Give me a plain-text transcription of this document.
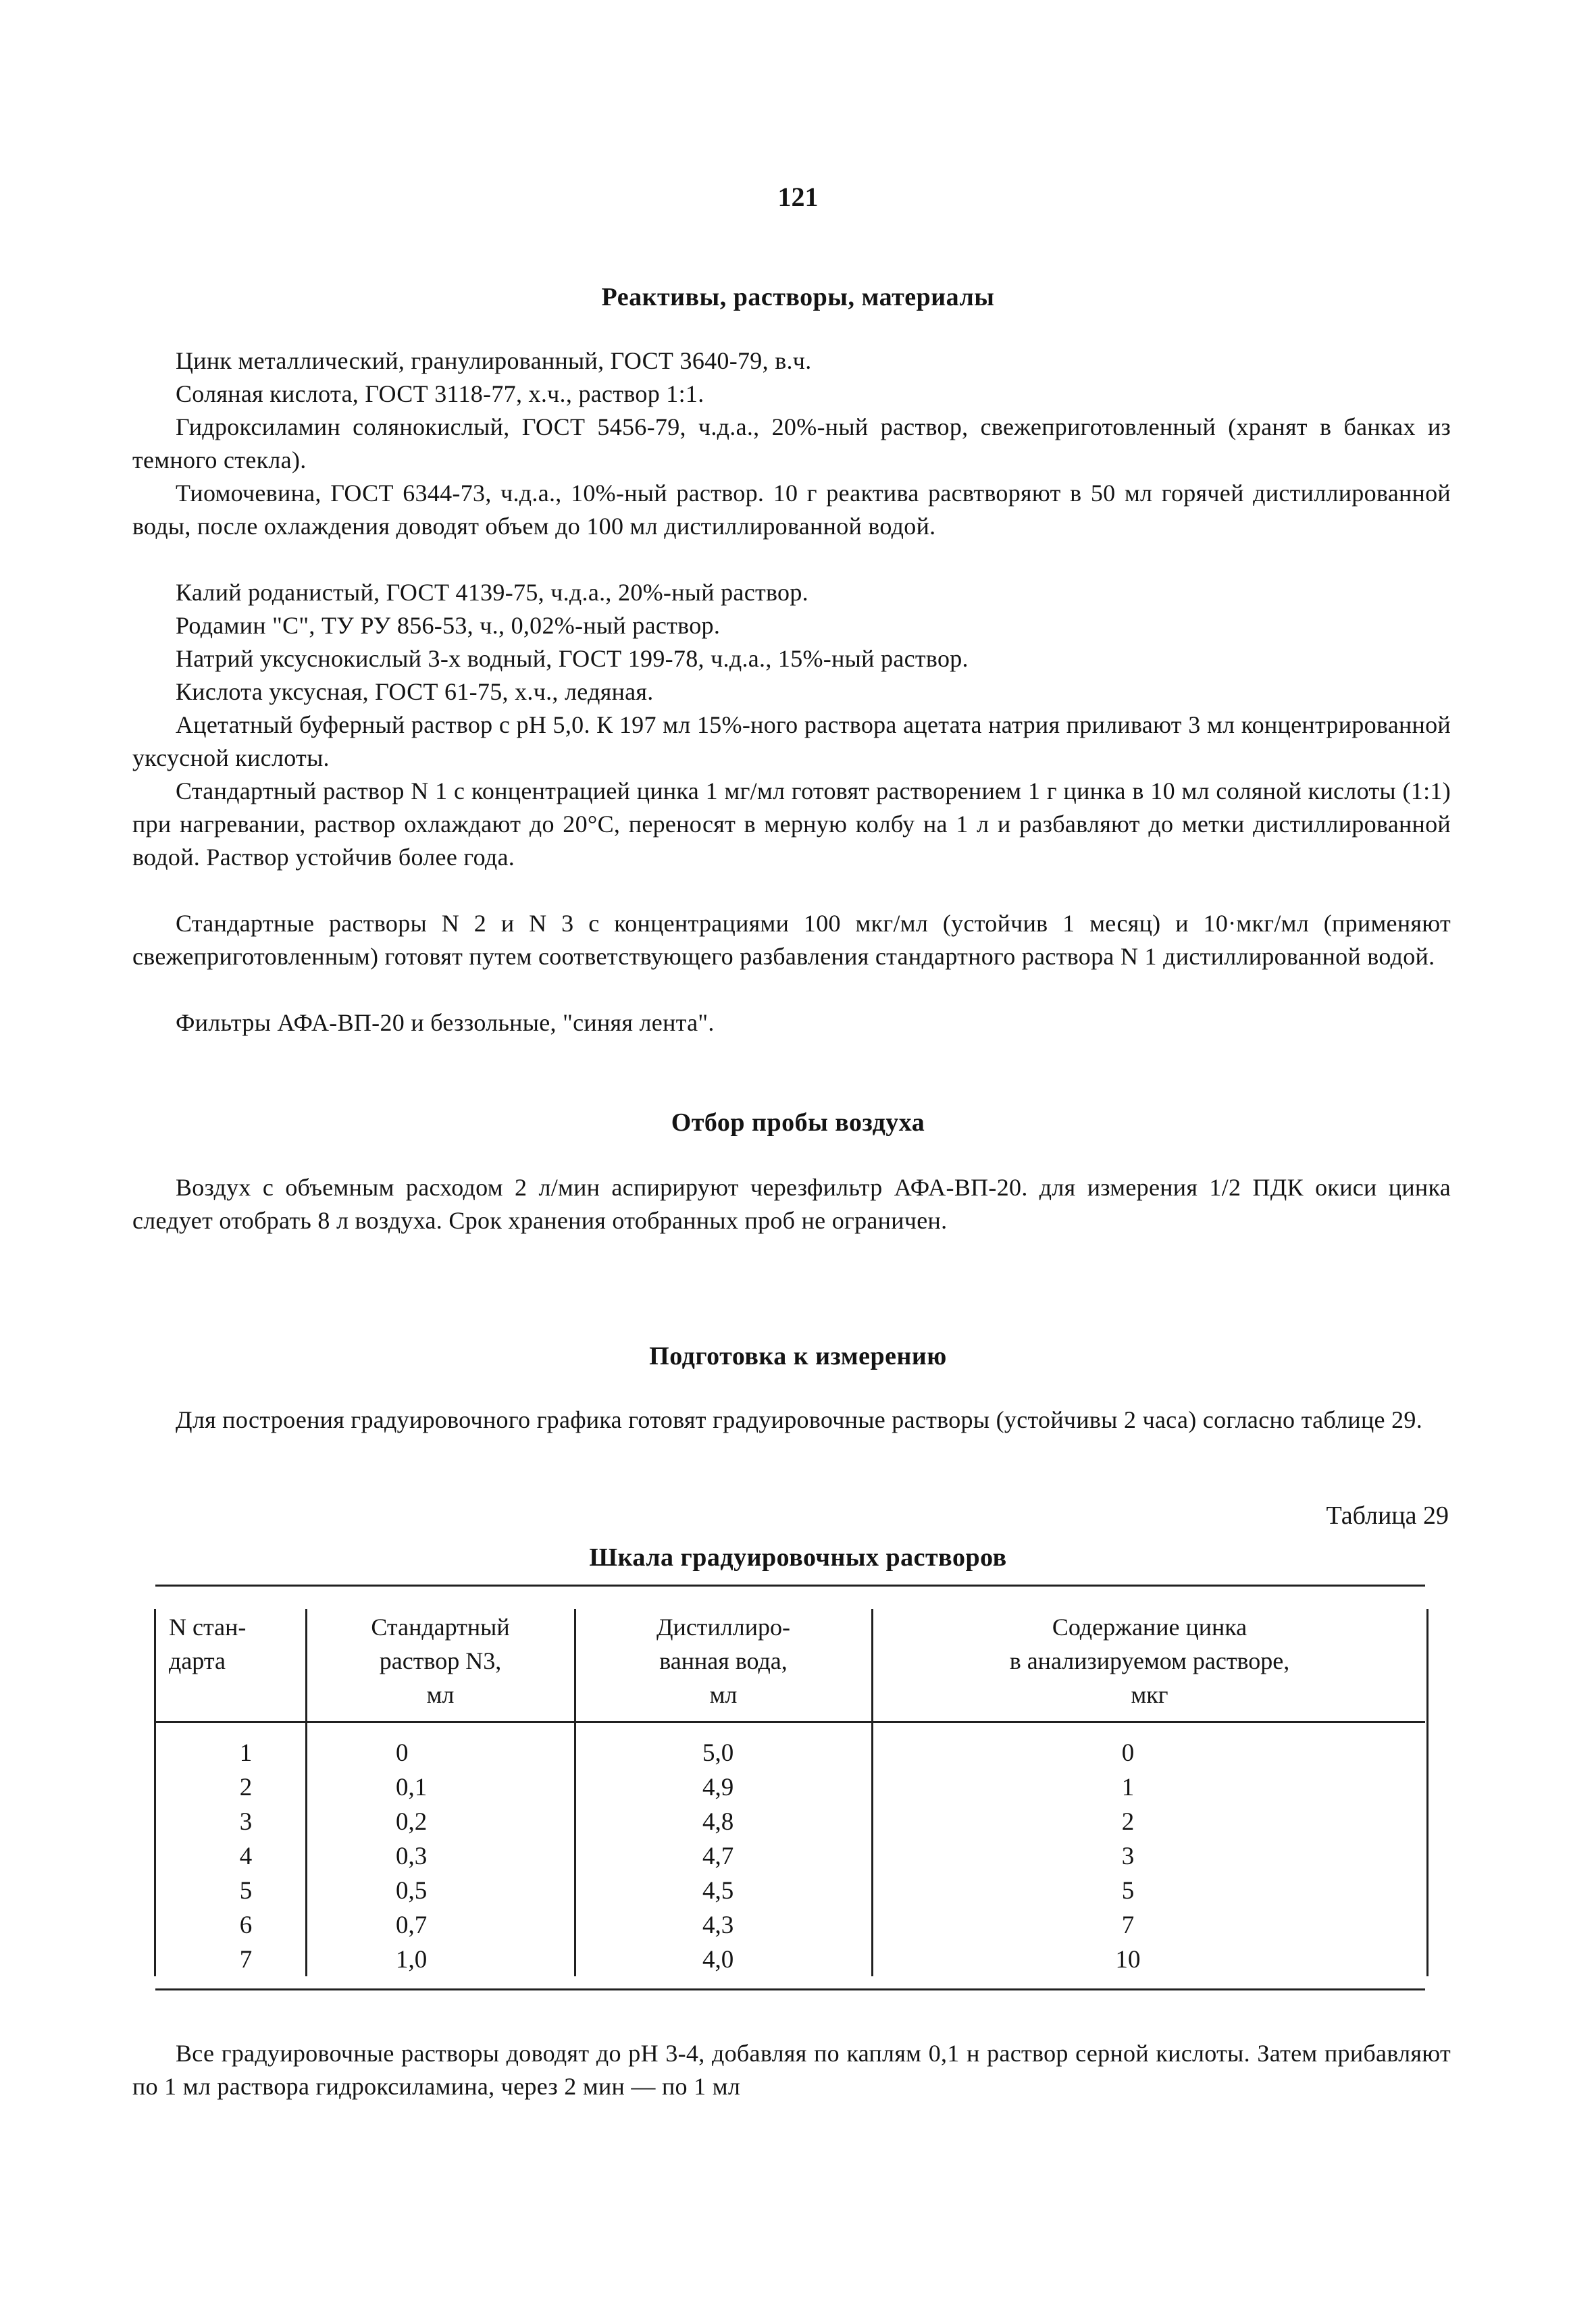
121
Реактивы, растворы, материалы
Цинк металлический, гранулированный, ГОСТ 3640-79, в.ч.
Соляная кислота, ГОСТ 3118-77, х.ч., раствор 1:1.
Гидроксиламин солянокислый, ГОСТ 5456-79, ч.д.а., 20%-ный раствор, свежеприготовленный (хранят в банках из темного стекла).
Тиомочевина, ГОСТ 6344-73, ч.д.а., 10%-ный раствор. 10 г реактива расвтворяют в 50 мл горячей дистиллированной воды, после охлаждения доводят объем до 100 мл дистиллированной водой.
Калий роданистый, ГОСТ 4139-75, ч.д.а., 20%-ный раствор.
Родамин "С", ТУ РУ 856-53, ч., 0,02%-ный раствор.
Натрий уксуснокислый 3-х водный, ГОСТ 199-78, ч.д.а., 15%-ный раствор.
Кислота уксусная, ГОСТ 61-75, х.ч., ледяная.
Ацетатный буферный раствор с рН 5,0. К 197 мл 15%-ного раствора ацетата натрия приливают 3 мл концентрированной уксусной кислоты.
Стандартный раствор N 1 с концентрацией цинка 1 мг/мл готовят растворением 1 г цинка в 10 мл соляной кислоты (1:1) при нагревании, раствор охлаждают до 20°С, переносят в мерную колбу на 1 л и разбавляют до метки дистиллированной водой. Раствор устойчив более года.
Стандартные растворы N 2 и N 3 с концентрациями 100 мкг/мл (устойчив 1 месяц) и 10·мкг/мл (применяют свежеприготовленным) готовят путем соответствующего разбавления стандартного раствора N 1 дистиллированной водой.
Фильтры АФА-ВП-20 и беззольные, "синяя лента".
Отбор пробы воздуха
Воздух с объемным расходом 2 л/мин аспирируют черезфильтр АФА-ВП-20. для измерения 1/2 ПДК окиси цинка следует отобрать 8 л воздуха. Срок хранения отобранных проб не ограничен.
Подготовка к измерению
Для построения градуировочного графика готовят градуировочные растворы (устойчивы 2 часа) согласно таблице 29.
Таблица 29
Шкала градуировочных растворов
N стан-
дарта
Стандартный
раствор N3,
мл
Дистиллиро-
ванная вода,
мл
Содержание цинка
в анализируемом растворе,
мкг
1
2
3
4
5
6
7
0
0,1
0,2
0,3
0,5
0,7
1,0
5,0
4,9
4,8
4,7
4,5
4,3
4,0
0
1
2
3
5
7
10
Все градуировочные растворы доводят до рН 3-4, добавляя по каплям 0,1 н раствор серной кислоты. Затем прибавляют по 1 мл раствора гидроксиламина, через 2 мин — по 1 мл
